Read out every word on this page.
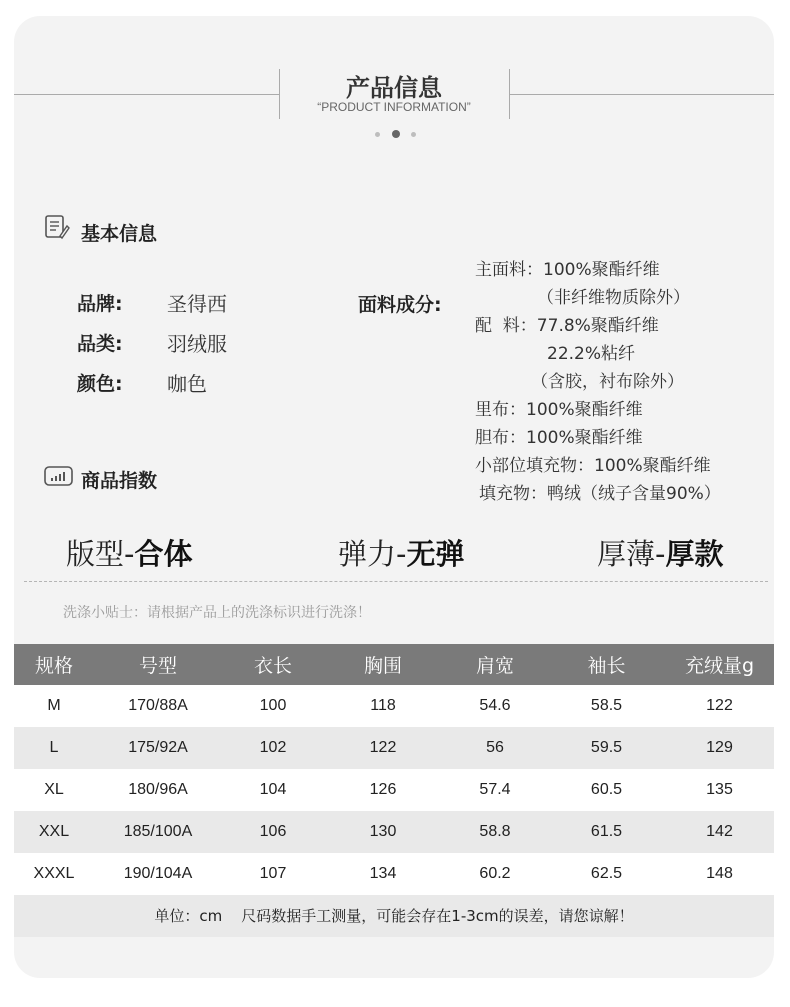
产品信息
“PRODUCT INFORMATION”
基本信息
品牌: 圣得西
品类: 羽绒服
颜色: 咖色
面料成分:
主面料：100%聚酯纤维
（非纤维物质除外）
配  料：77.8%聚酯纤维
22.2%粘纤
（含胶，衬布除外）
里布：100%聚酯纤维
胆布：100%聚酯纤维
小部位填充物：100%聚酯纤维
填充物：鸭绒（绒子含量90%）
商品指数
版型-合体	弹力-无弹	厚薄-厚款
洗涤小贴士：请根据产品上的洗涤标识进行洗涤！
规格	号型	衣长	胸围	肩宽	袖长	充绒量g
M	170/88A	100	118	54.6	58.5	122
L	175/92A	102	122	56	59.5	129
XL	180/96A	104	126	57.4	60.5	135
XXL	185/100A	106	130	58.8	61.5	142
XXXL	190/104A	107	134	60.2	62.5	148
单位：cm    尺码数据手工测量，可能会存在1-3cm的误差，请您谅解！
